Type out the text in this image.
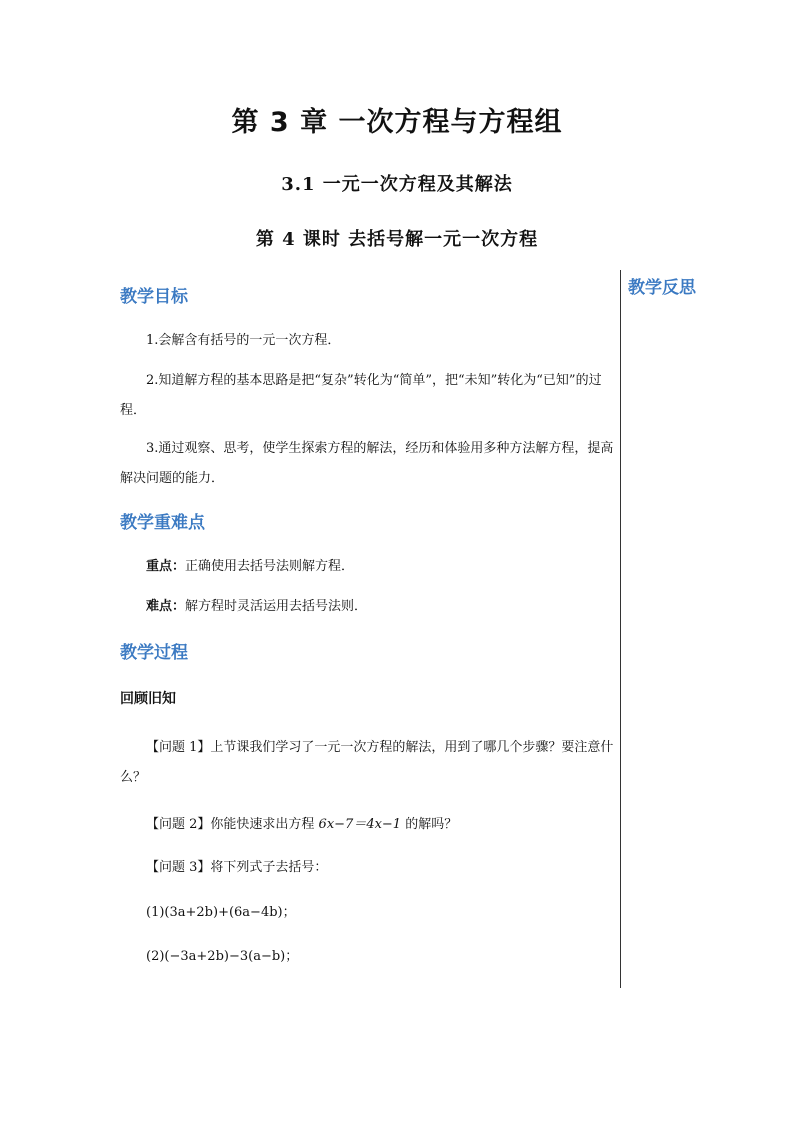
第 3 章 一次方程与方程组
3.1 一元一次方程及其解法
第 4 课时 去括号解一元一次方程
教学反思
教学目标
1.会解含有括号的一元一次方程．
2.知道解方程的基本思路是把“复杂”转化为“简单”，把“未知”转化为“已知”的过程．
3.通过观察、思考，使学生探索方程的解法，经历和体验用多种方法解方程，提高解决问题的能力．
教学重难点
重点：正确使用去括号法则解方程．
难点：解方程时灵活运用去括号法则．
教学过程
回顾旧知
【问题 1】上节课我们学习了一元一次方程的解法，用到了哪几个步骤？要注意什么？
【问题 2】你能快速求出方程 6x−7＝4x−1 的解吗？
【问题 3】将下列式子去括号：
(1)(3a+2b)+(6a−4b)；
(2)(−3a+2b)−3(a−b)；
